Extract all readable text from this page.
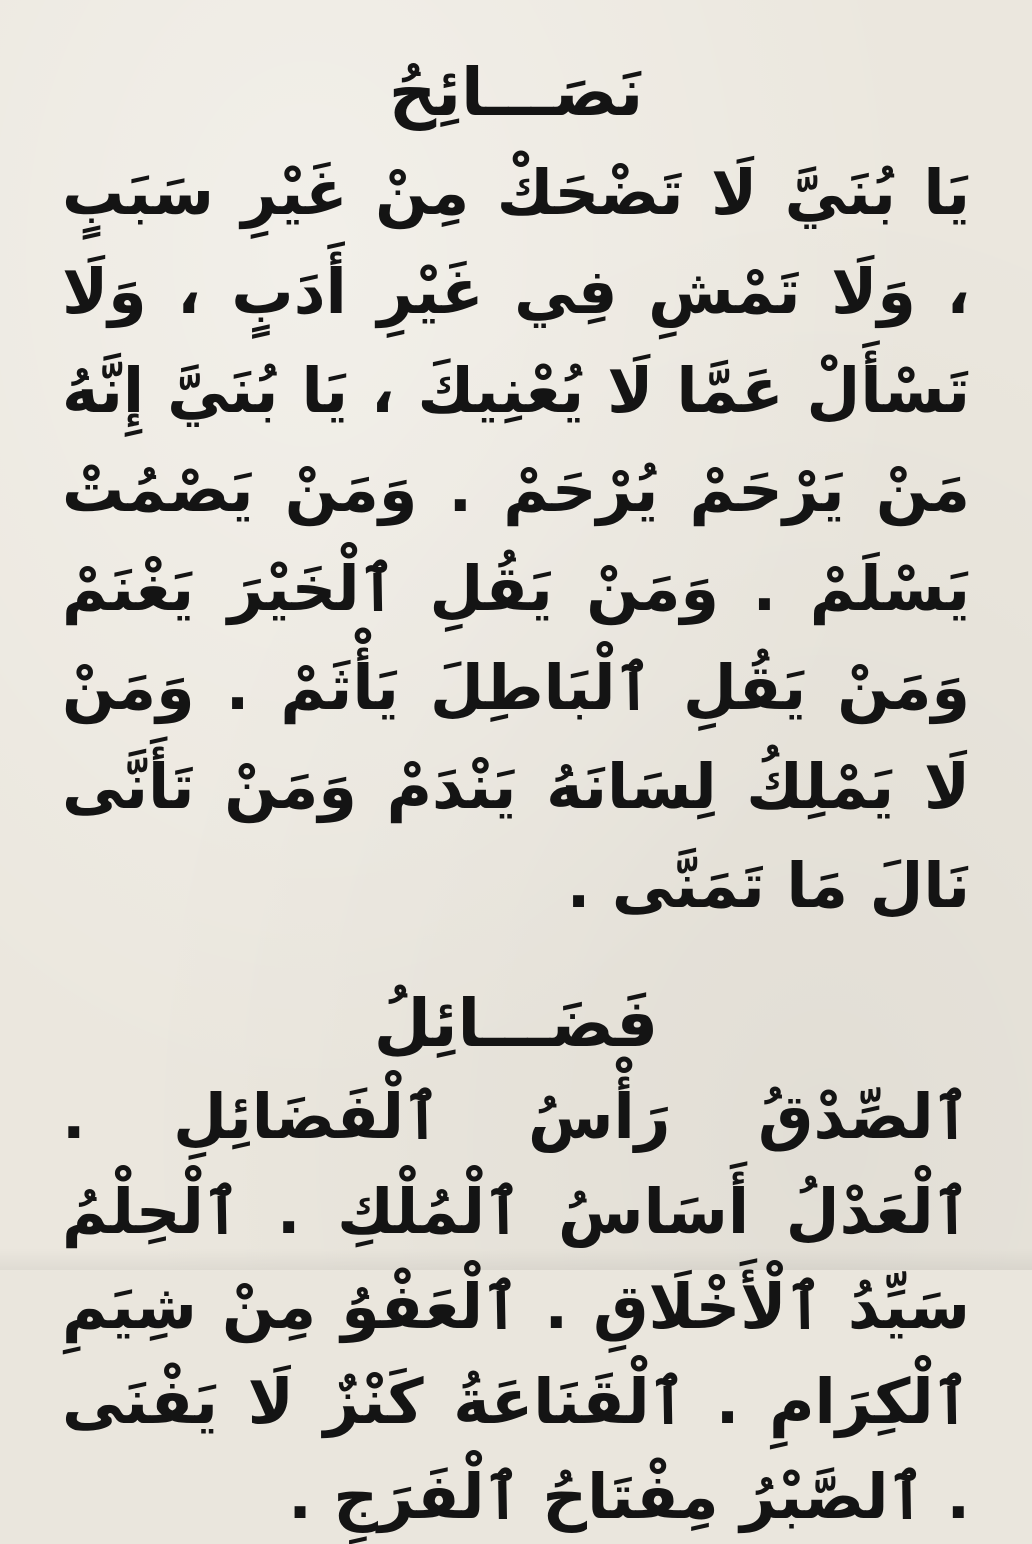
نَصَـــائِحُ

يَا بُنَيَّ لَا تَضْحَكْ مِنْ غَيْرِ سَبَبٍ ، وَلَا تَمْشِ فِي غَيْرِ أَدَبٍ ، وَلَا تَسْأَلْ عَمَّا لَا يُعْنِيكَ ، يَا بُنَيَّ إِنَّهُ مَنْ يَرْحَمْ يُرْحَمْ . وَمَنْ يَصْمُتْ يَسْلَمْ . وَمَنْ يَقُلِ ٱلْخَيْرَ يَغْنَمْ وَمَنْ يَقُلِ ٱلْبَاطِلَ يَأْثَمْ . وَمَنْ لَا يَمْلِكُ لِسَانَهُ يَنْدَمْ وَمَنْ تَأَنَّى نَالَ مَا تَمَنَّى .

فَضَـــائِلُ

ٱلصِّدْقُ رَأْسُ ٱلْفَضَائِلِ . ٱلْعَدْلُ أَسَاسُ ٱلْمُلْكِ . ٱلْحِلْمُ سَيِّدُ ٱلْأَخْلَاقِ . ٱلْعَفْوُ مِنْ شِيَمِ ٱلْكِرَامِ . ٱلْقَنَاعَةُ كَنْزٌ لَا يَفْنَى . ٱلصَّبْرُ مِفْتَاحُ ٱلْفَرَجِ .
